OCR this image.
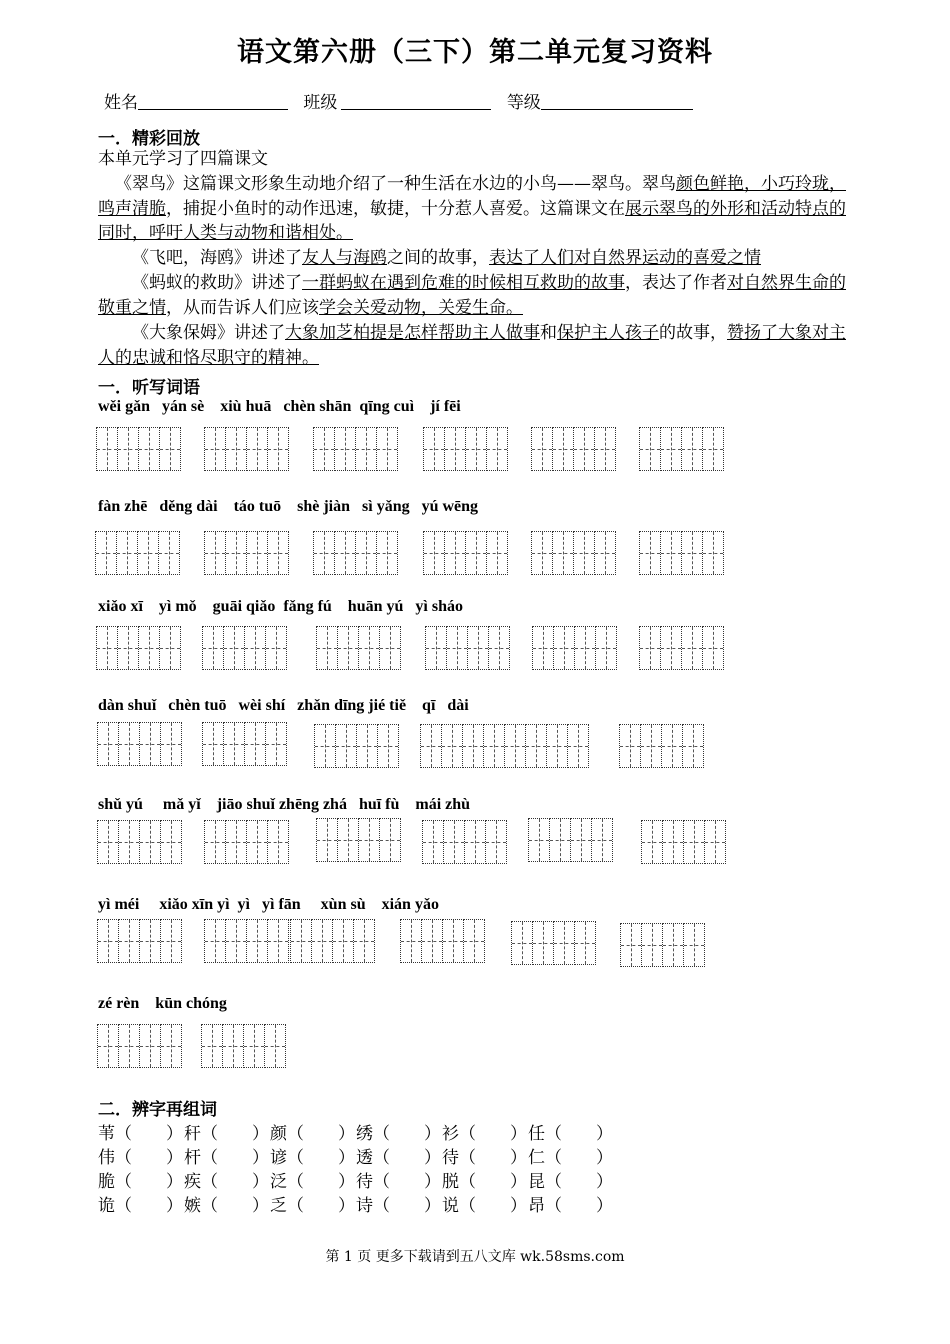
语文第六册（三下）第二单元复习资料
姓名	班级	等级
一．精彩回放
本单元学习了四篇课文
《翠鸟》这篇课文形象生动地介绍了一种生活在水边的小鸟——翠鸟。翠鸟颜色鲜艳，小巧玲珑，鸣声清脆，捕捉小鱼时的动作迅速，敏捷，十分惹人喜爱。这篇课文在展示翠鸟的外形和活动特点的同时，呼吁人类与动物和谐相处。
《飞吧，海鸥》讲述了友人与海鸥之间的故事，表达了人们对自然界运动的喜爱之情
《蚂蚁的救助》讲述了一群蚂蚁在遇到危难的时候相互救助的故事，表达了作者对自然界生命的敬重之情，从而告诉人们应该学会关爱动物，关爱生命。
《大象保姆》讲述了大象加芝柏提是怎样帮助主人做事和保护主人孩子的故事，赞扬了大象对主人的忠诚和恪尽职守的精神。
一．听写词语
wěi gǎn   yán sè    xiù huā   chèn shān  qīng cuì    jí fēi
fàn zhē   děng dài    táo tuō    shè jiàn   sì yǎng   yú wēng
xiǎo xī    yì mǒ    guāi qiǎo  fǎng fú    huān yú   yì sháo
dàn shuǐ   chèn tuō   wèi shí   zhǎn dīng jié tiě    qī   dài
shǔ yú     mǎ yǐ    jiāo shuǐ zhēng zhá   huī fù    mái zhù
yì méi     xiǎo xīn yì  yì   yì fān     xùn sù    xián yǎo
zé rèn    kūn chóng
二．辨字再组词
苇（  ）秆（  ）颜（  ）绣（  ）衫（  ）任（  ）
伟（  ）杆（  ）谚（  ）透（  ）待（  ）仁（  ）
脆（  ）疾（  ）泛（  ）待（  ）脱（  ）昆（  ）
诡（  ）嫉（  ）乏（  ）诗（  ）说（  ）昂（  ）
第 1 页 更多下载请到五八文库 wk.58sms.com
